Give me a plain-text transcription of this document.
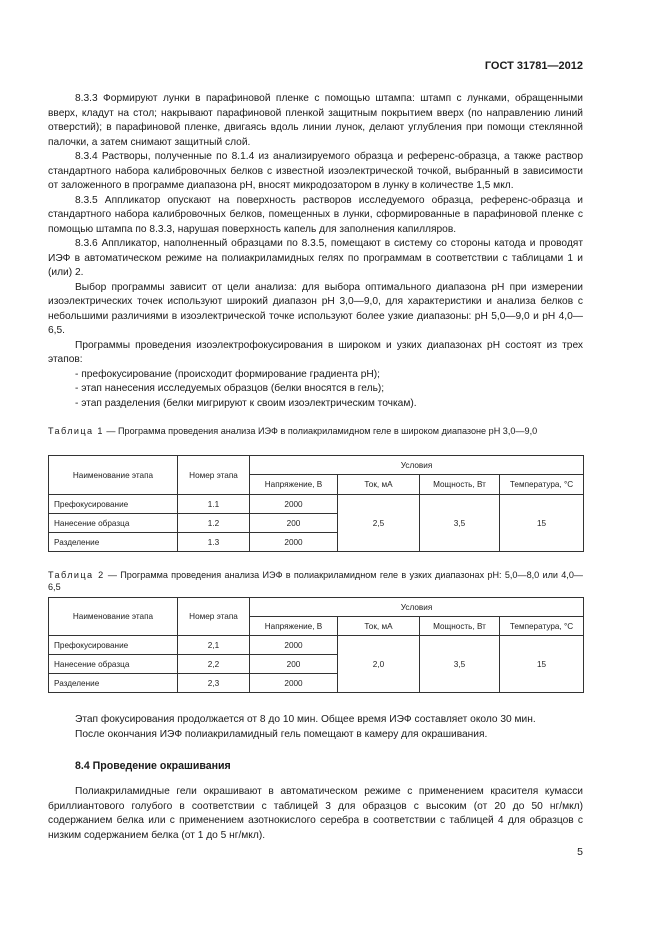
ГОСТ 31781—2012

8.3.3 Формируют лунки в парафиновой пленке с помощью штампа: штамп с лунками, обращенными вверх, кладут на стол; накрывают парафиновой пленкой защитным покрытием вверх (по направлению линий отверстий); в парафиновой пленке, двигаясь вдоль линии лунок, делают углубления при помощи стеклянной палочки, а затем снимают защитный слой.

8.3.4 Растворы, полученные по 8.1.4 из анализируемого образца и референс-образца, а также раствор стандартного набора калибровочных белков с известной изоэлектрической точкой, выбранный в зависимости от заложенного в программе диапазона pH, вносят микродозатором в лунку в количестве 1,5 мкл.

8.3.5 Аппликатор опускают на поверхность растворов исследуемого образца, референс-образца и стандартного набора калибровочных белков, помещенных в лунки, сформированные в парафиновой пленке с помощью штампа по 8.3.3, нарушая поверхность капель для заполнения капилляров.

8.3.6 Аппликатор, наполненный образцами по 8.3.5, помещают в систему со стороны катода и проводят ИЭФ в автоматическом режиме на полиакриламидных гелях по программам в соответствии с таблицами 1 и (или) 2.

Выбор программы зависит от цели анализа: для выбора оптимального диапазона pH при измерении изоэлектрических точек используют широкий диапазон pH 3,0—9,0, для характеристики и анализа белков с небольшими различиями в изоэлектрической точке используют более узкие диапазоны: pH 5,0—9,0 и pH 4,0—6,5.

Программы проведения изоэлектрофокусирования в широком и узких диапазонах pH состоят из трех этапов:

- префокусирование (происходит формирование градиента pH);
- этап нанесения исследуемых образцов (белки вносятся в гель);
- этап разделения (белки мигрируют к своим изоэлектрическим точкам).
Таблица 1 — Программа проведения анализа ИЭФ в полиакриламидном геле в широком диапазоне pH 3,0—9,0
Наименование этапа	Номер этапа	Условия			
		Напряжение, В	Ток, мА	Мощность, Вт	Температура, °С
Префокусирование	1.1	2000	2,5	3,5	15
Нанесение образца	1.2	200			
Разделение	1.3	2000			
Таблица 2 — Программа проведения анализа ИЭФ в полиакриламидном геле в узких диапазонах pH: 5,0—8,0 или 4,0—6,5
Наименование этапа	Номер этапа	Условия			
		Напряжение, В	Ток, мА	Мощность, Вт	Температура, °С
Префокусирование	2,1	2000	2,0	3,5	15
Нанесение образца	2,2	200			
Разделение	2,3	2000			

Этап фокусирования продолжается от 8 до 10 мин. Общее время ИЭФ составляет около 30 мин.

После окончания ИЭФ полиакриламидный гель помещают в камеру для окрашивания.

8.4 Проведение окрашивания

Полиакриламидные гели окрашивают в автоматическом режиме с применением красителя кумасси бриллиантового голубого в соответствии с таблицей 3 для образцов с высоким (от 20 до 50 нг/мкл) содержанием белка или с применением азотнокислого серебра в соответствии с таблицей 4 для образцов с низким содержанием белка (от 1 до 5 нг/мкл).

5
